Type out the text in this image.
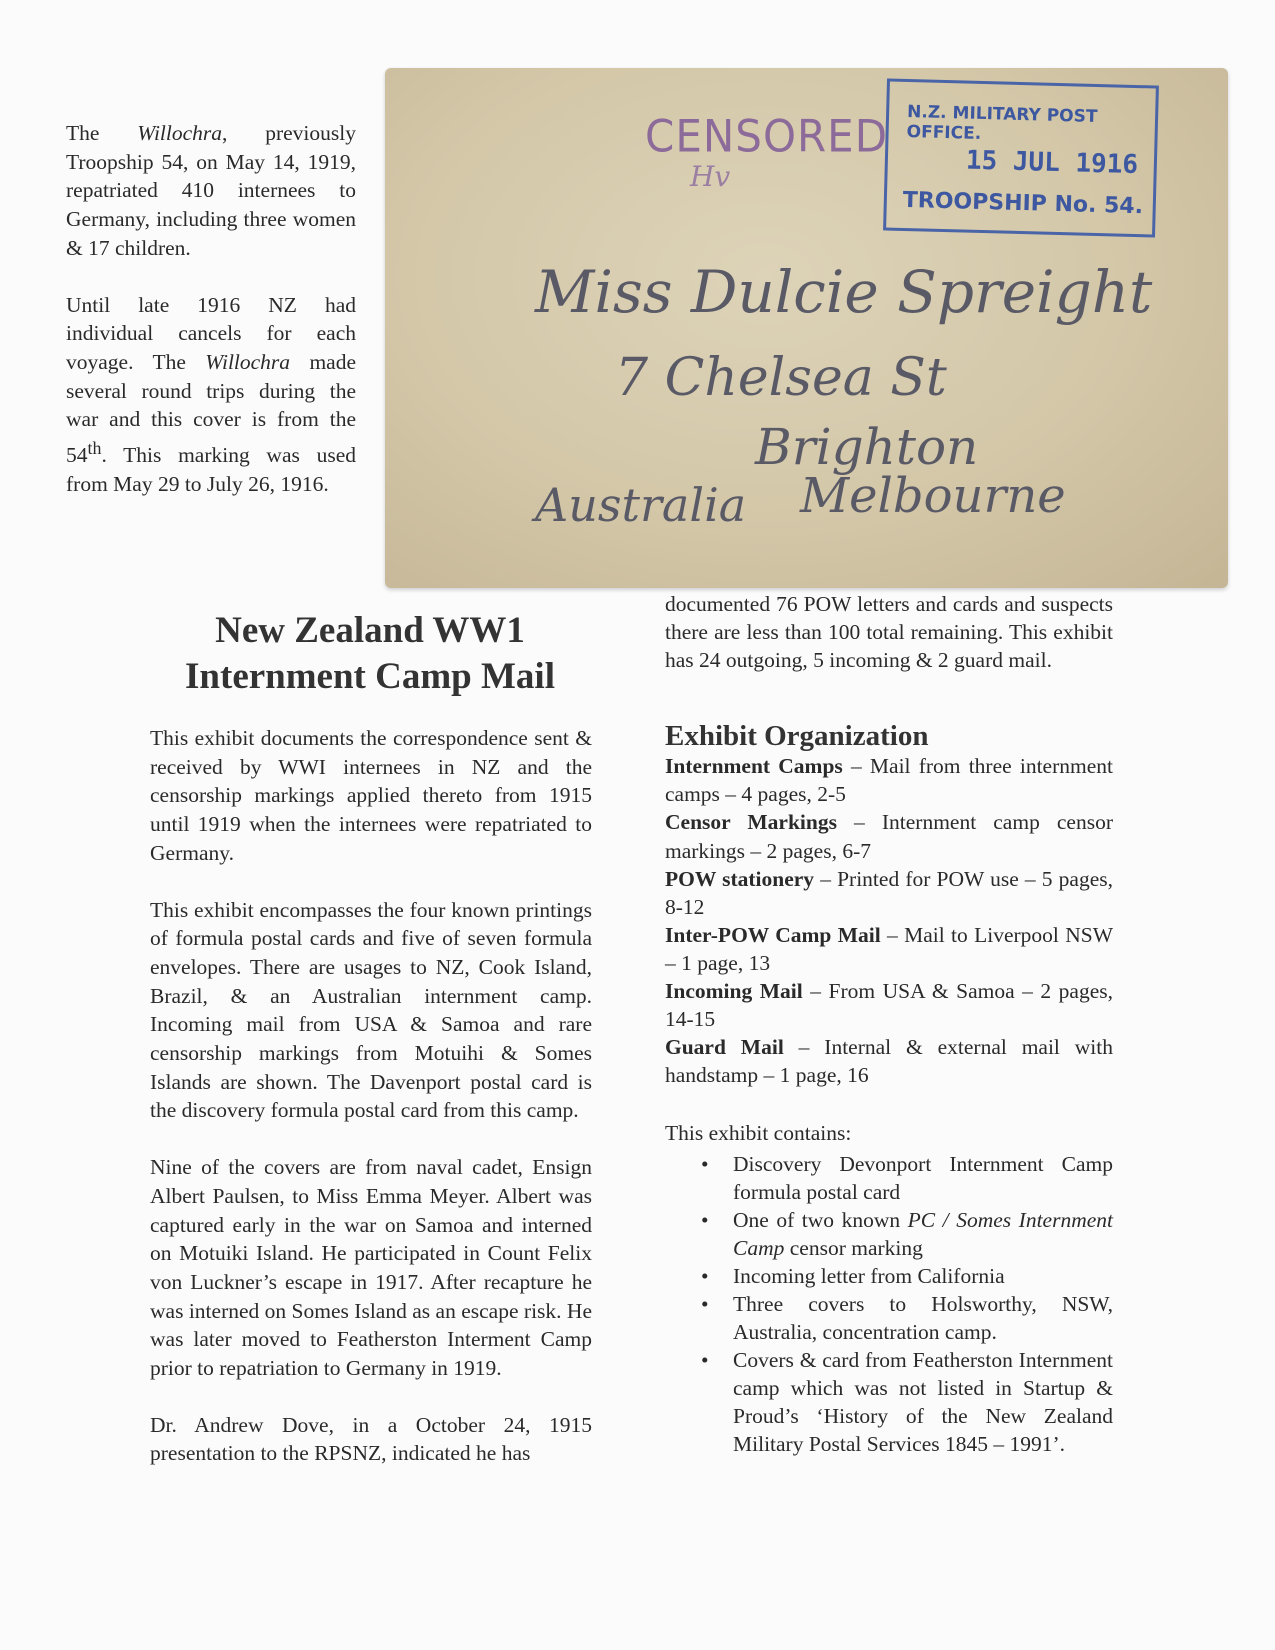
The Willochra, previously Troopship 54, on May 14, 1919, repatriated 410 internees to Germany, including three women & 17 children.

Until late 1916 NZ had individual cancels for each voyage. The Willochra made several round trips during the war and this cover is from the 54th. This marking was used from May 29 to July 26, 1916.

CENSORED
Hv
N.Z. MILITARY POST OFFICE.
15 JUL 1916
TROOPSHIP No. 54.
Miss Dulcie Spreight
7 Chelsea St
Brighton
Australia Melbourne
New Zealand WW1
Internment Camp Mail

This exhibit documents the correspondence sent & received by WWI internees in NZ and the censorship markings applied thereto from 1915 until 1919 when the internees were repatriated to Germany.

This exhibit encompasses the four known printings of formula postal cards and five of seven formula envelopes. There are usages to NZ, Cook Island, Brazil, & an Australian internment camp. Incoming mail from USA & Samoa and rare censorship markings from Motuihi & Somes Islands are shown. The Davenport postal card is the discovery formula postal card from this camp.

Nine of the covers are from naval cadet, Ensign Albert Paulsen, to Miss Emma Meyer. Albert was captured early in the war on Samoa and interned on Motuiki Island. He participated in Count Felix von Luckner’s escape in 1917. After recapture he was interned on Somes Island as an escape risk. He was later moved to Featherston Interment Camp prior to repatriation to Germany in 1919.

Dr. Andrew Dove, in a October 24, 1915 presentation to the RPSNZ, indicated he has

documented 76 POW letters and cards and suspects there are less than 100 total remaining. This exhibit has 24 outgoing, 5 incoming & 2 guard mail.

Exhibit Organization

Internment Camps – Mail from three internment camps – 4 pages, 2-5

Censor Markings – Internment camp censor markings – 2 pages, 6-7

POW stationery – Printed for POW use – 5 pages, 8-12

Inter-POW Camp Mail – Mail to Liverpool NSW – 1 page, 13

Incoming Mail – From USA & Samoa – 2 pages, 14-15

Guard Mail – Internal & external mail with handstamp – 1 page, 16

This exhibit contains:

• Discovery Devonport Internment Camp formula postal card
• One of two known PC / Somes Internment Camp censor marking
• Incoming letter from California
• Three covers to Holsworthy, NSW, Australia, concentration camp.
• Covers & card from Featherston Internment camp which was not listed in Startup & Proud’s ‘History of the New Zealand Military Postal Services 1845 – 1991’.
